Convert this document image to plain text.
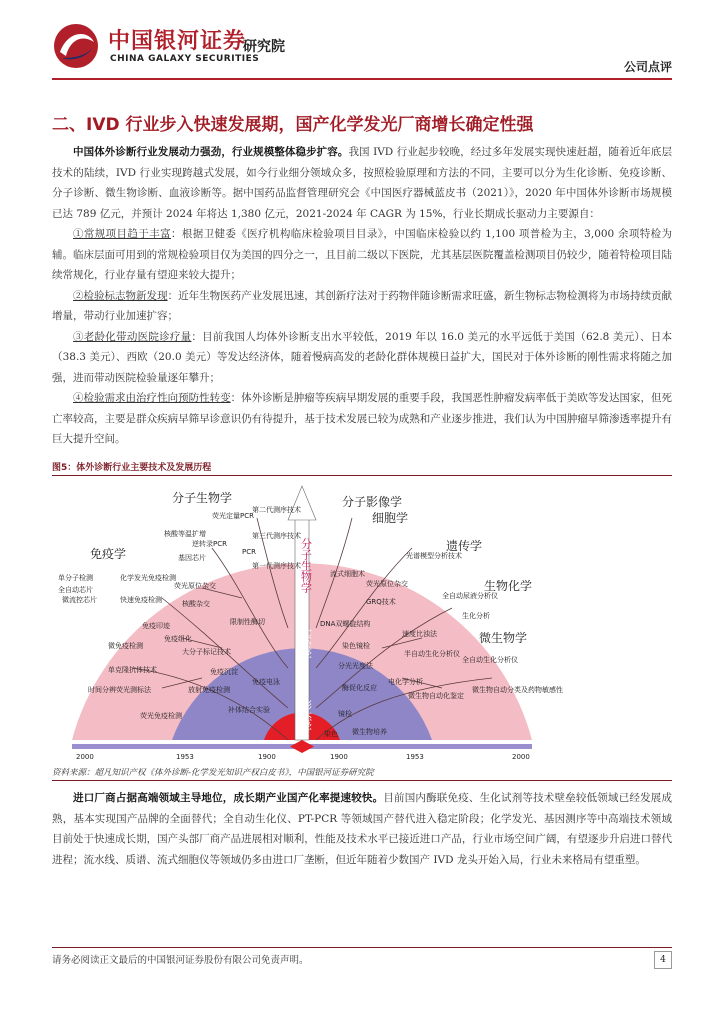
中国银河证券
CHINA GALAXY SECURITIES
研究院
公司点评
二、IVD 行业步入快速发展期，国产化学发光厂商增长确定性强

中国体外诊断行业发展动力强劲，行业规模整体稳步扩容。我国 IVD 行业起步较晚，经过多年发展实现快速赶超，随着近年底层技术的陆续，IVD 行业实现跨越式发展，如今行业细分领域众多，按照检验原理和方法的不同，主要可以分为生化诊断、免疫诊断、分子诊断、微生物诊断、血液诊断等。据中国药品监督管理研究会《中国医疗器械蓝皮书（2021）》，2020 年中国体外诊断市场规模已达 789 亿元，并预计 2024 年将达 1,380 亿元，2021-2024 年 CAGR 为 15%，行业长期成长驱动力主要源自：

①常规项目趋于丰富：根据卫健委《医疗机构临床检验项目目录》，中国临床检验以约 1,100 项普检为主，3,000 余项特检为辅。临床层面可用到的常规检验项目仅为美国的四分之一，且目前二级以下医院，尤其基层医院覆盖检测项目仍较少，随着特检项目陆续常规化，行业存量有望迎来较大提升；

②检验标志物新发现：近年生物医药产业发展迅速，其创新疗法对于药物伴随诊断需求旺盛，新生物标志物检测将为市场持续贡献增量，带动行业加速扩容；

③老龄化带动医院诊疗量：目前我国人均体外诊断支出水平较低，2019 年以 16.0 美元的水平远低于美国（62.8 美元）、日本（38.3 美元）、西欧（20.0 美元）等发达经济体，随着慢病高发的老龄化群体规模日益扩大，国民对于体外诊断的刚性需求将随之加强，进而带动医院检验量逐年攀升；

④检验需求由治疗性向预防性转变：体外诊断是肿瘤等疾病早期发展的重要手段，我国恶性肿瘤发病率低于美欧等发达国家，但死亡率较高，主要是群众疾病早筛早诊意识仍有待提升，基于技术发展已较为成熟和产业逐步推进，我们认为中国肿瘤早筛渗透率提升有巨大提升空间。

图5：体外诊断行业主要技术及发展历程
分子生物学	分子影像学
细胞学
遗传学
生物化学
微生物学
免疫学	分子生物学
实验学
形态学
单分子检测
微流控芯片
全自动芯片
快速免疫检测
化学发光免疫检测
免疫印迹
微免疫检测
免疫组化
大分子标记技术
单克隆抗体技术
时间分辨荧光测标法
免疫沉淀
放射免疫检测
荧光免疫检测
免疫电泳
补体结合实验
荧光原位杂交
核酸杂交
限制性酶切
基因芯片
逆转录PCR
PCR
核酸等温扩增
荧光定量PCR
第二代测序技术
第一代测序技术
第三代测序技术
流式细胞术
光谱模型分析技术
荧光原位杂交
GRQ技术
全自动尿液分析仪
生化分析
速度比浊法
DNA双螺旋结构
染色镜检
半自动生化分析仪
全自动生化分析仪
分光光度法
电化学分析
酶促化反应
微生物自动化鉴定
微生物自动分类及药物敏感性
微生物培养
镜检
染色
2000	1953	1900	1900	1953	2000
资料来源：超凡知识产权《体外诊断-化学发光知识产权白皮书》，中国银河证券研究院

进口厂商占据高端领域主导地位，成长期产业国产化率提速较快。目前国内酶联免疫、生化试剂等技术壁垒较低领域已经发展成熟，基本实现国产品牌的全面替代；全自动生化仪、PT-PCR 等领域国产替代进入稳定阶段；化学发光、基因测序等中高端技术领域目前处于快速成长期，国产头部厂商产品进展相对顺利，性能及技术水平已接近进口产品，行业市场空间广阔，有望逐步升启进口替代进程；流水线、质谱、流式细胞仪等领域仍多由进口厂垄断，但近年随着少数国产 IVD 龙头开始入局，行业未来格局有望重塑。

请务必阅读正文最后的中国银河证券股份有限公司免责声明。	4
